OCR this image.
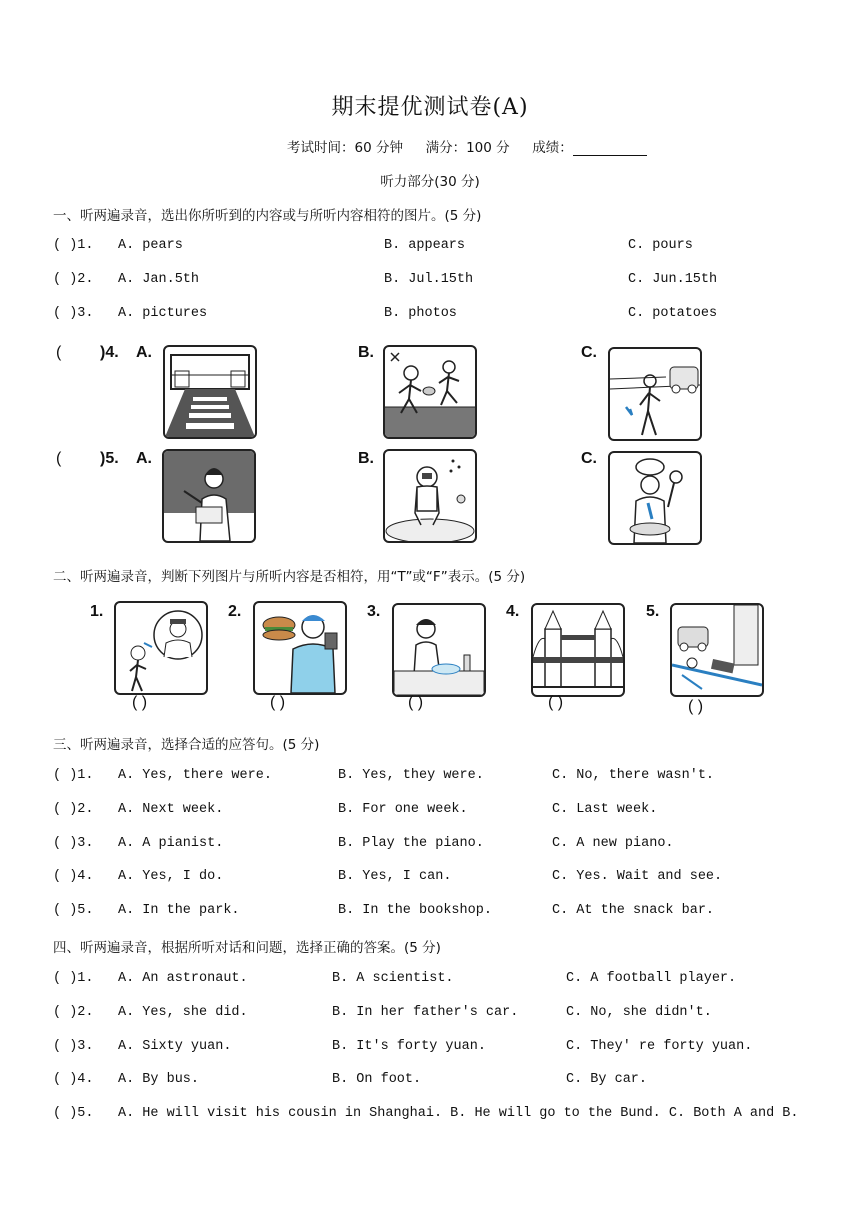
期末提优测试卷(A)
考试时间：60 分钟 满分：100 分 成绩：
听力部分(30 分)
一、听两遍录音，选出你所听到的内容或与所听内容相符的图片。(5 分)
( )1. A. pears	B. appears	C. pours
( )2. A. Jan.5th	B. Jul.15th	C. Jun.15th
( )3. A. pictures	B. photos	C. potatoes
( )4. A.	B.	C.
( )5. A.	B.	C.
二、听两遍录音，判断下列图片与所听内容是否相符，用“T”或“F”表示。(5 分)
1.
( )
2.
( )
3.
( )
4.
( )
5.
( )
三、听两遍录音，选择合适的应答句。(5 分)
( )1. A. Yes, there were.	B. Yes, they were.	C. No, there wasn't.
( )2. A. Next week.	B. For one week.	C. Last week.
( )3. A. A pianist.	B. Play the piano.	C. A new piano.
( )4. A. Yes, I do.	B. Yes, I can.	C. Yes. Wait and see.
( )5. A. In the park.	B. In the bookshop.	C. At the snack bar.
四、听两遍录音，根据所听对话和问题，选择正确的答案。(5 分)
( )1. A. An astronaut.	B. A scientist.	C. A football player.
( )2. A. Yes, she did.	B. In her father's car.	C. No, she didn't.
( )3. A. Sixty yuan.	B. It's forty yuan.	C. They' re forty yuan.
( )4. A. By bus.	B. On foot.	C. By car.
( )5. A. He will visit his cousin in Shanghai. B. He will go to the Bund. C. Both A and B.
